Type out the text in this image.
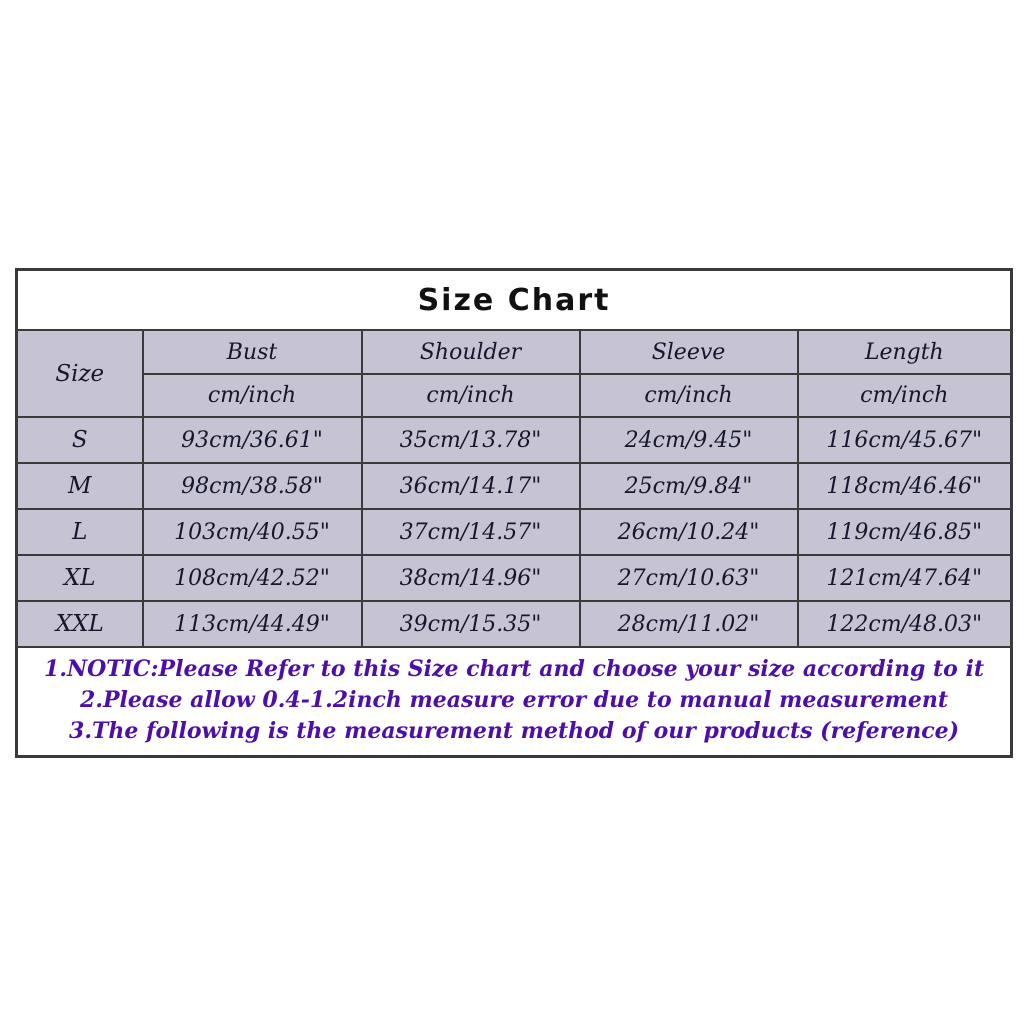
Size Chart				
Size	Bust	Shoulder	Sleeve	Length
	cm/inch	cm/inch	cm/inch	cm/inch
S	93cm/36.61"	35cm/13.78"	24cm/9.45"	116cm/45.67"
M	98cm/38.58"	36cm/14.17"	25cm/9.84"	118cm/46.46"
L	103cm/40.55"	37cm/14.57"	26cm/10.24"	119cm/46.85"
XL	108cm/42.52"	38cm/14.96"	27cm/10.63"	121cm/47.64"
XXL	113cm/44.49"	39cm/15.35"	28cm/11.02"	122cm/48.03"

1.NOTIC:Please Refer to this Size chart and choose your size according to it
2.Please allow 0.4-1.2inch measure error due to manual measurement
3.The following is the measurement method of our products (reference)				
